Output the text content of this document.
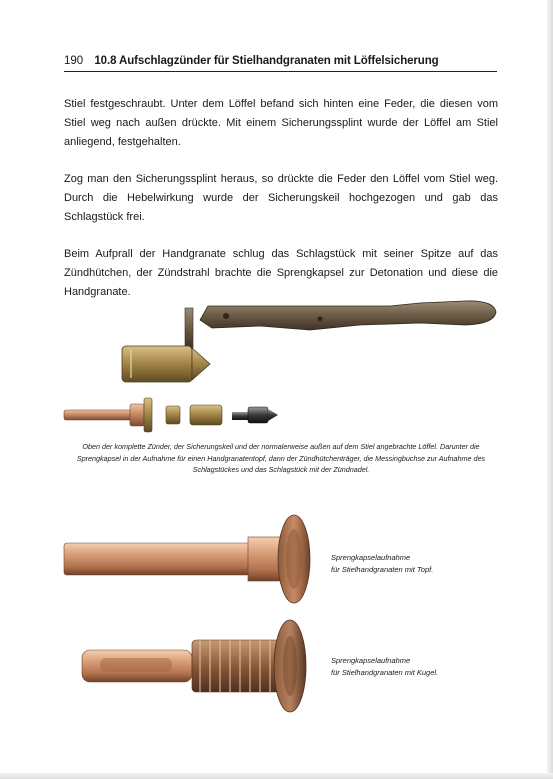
190 10.8 Aufschlagzünder für Stielhandgranaten mit Löffelsicherung

Stiel festgeschraubt. Unter dem Löffel befand sich hinten eine Feder, die diesen vom Stiel weg nach außen drückte. Mit einem Sicherungssplint wurde der Löffel am Stiel anliegend, festgehalten.

Zog man den Sicherungssplint heraus, so drückte die Feder den Löffel vom Stiel weg. Durch die Hebelwirkung wurde der Sicherungskeil hochgezogen und gab das Schlagstück frei.

Beim Aufprall der Handgranate schlug das Schlagstück mit seiner Spitze auf das Zündhütchen, der Zündstrahl brachte die Sprengkapsel zur Detonation und diese die Handgranate.

Oben der komplette Zünder, der Sicherungskeil und der normalerweise außen auf dem Stiel angebrachte Löffel. Darunter die Sprengkapsel in der Aufnahme für einen Handgranatentopf, dann der Zündhütchenträger, die Messingbuchse zur Aufnahme des Schlagstückes und das Schlagstück mit der Zündnadel.

Sprengkapselaufnahme
für Stielhandgranaten mit Topf.

Sprengkapselaufnahme
für Stielhandgranaten mit Kugel.
